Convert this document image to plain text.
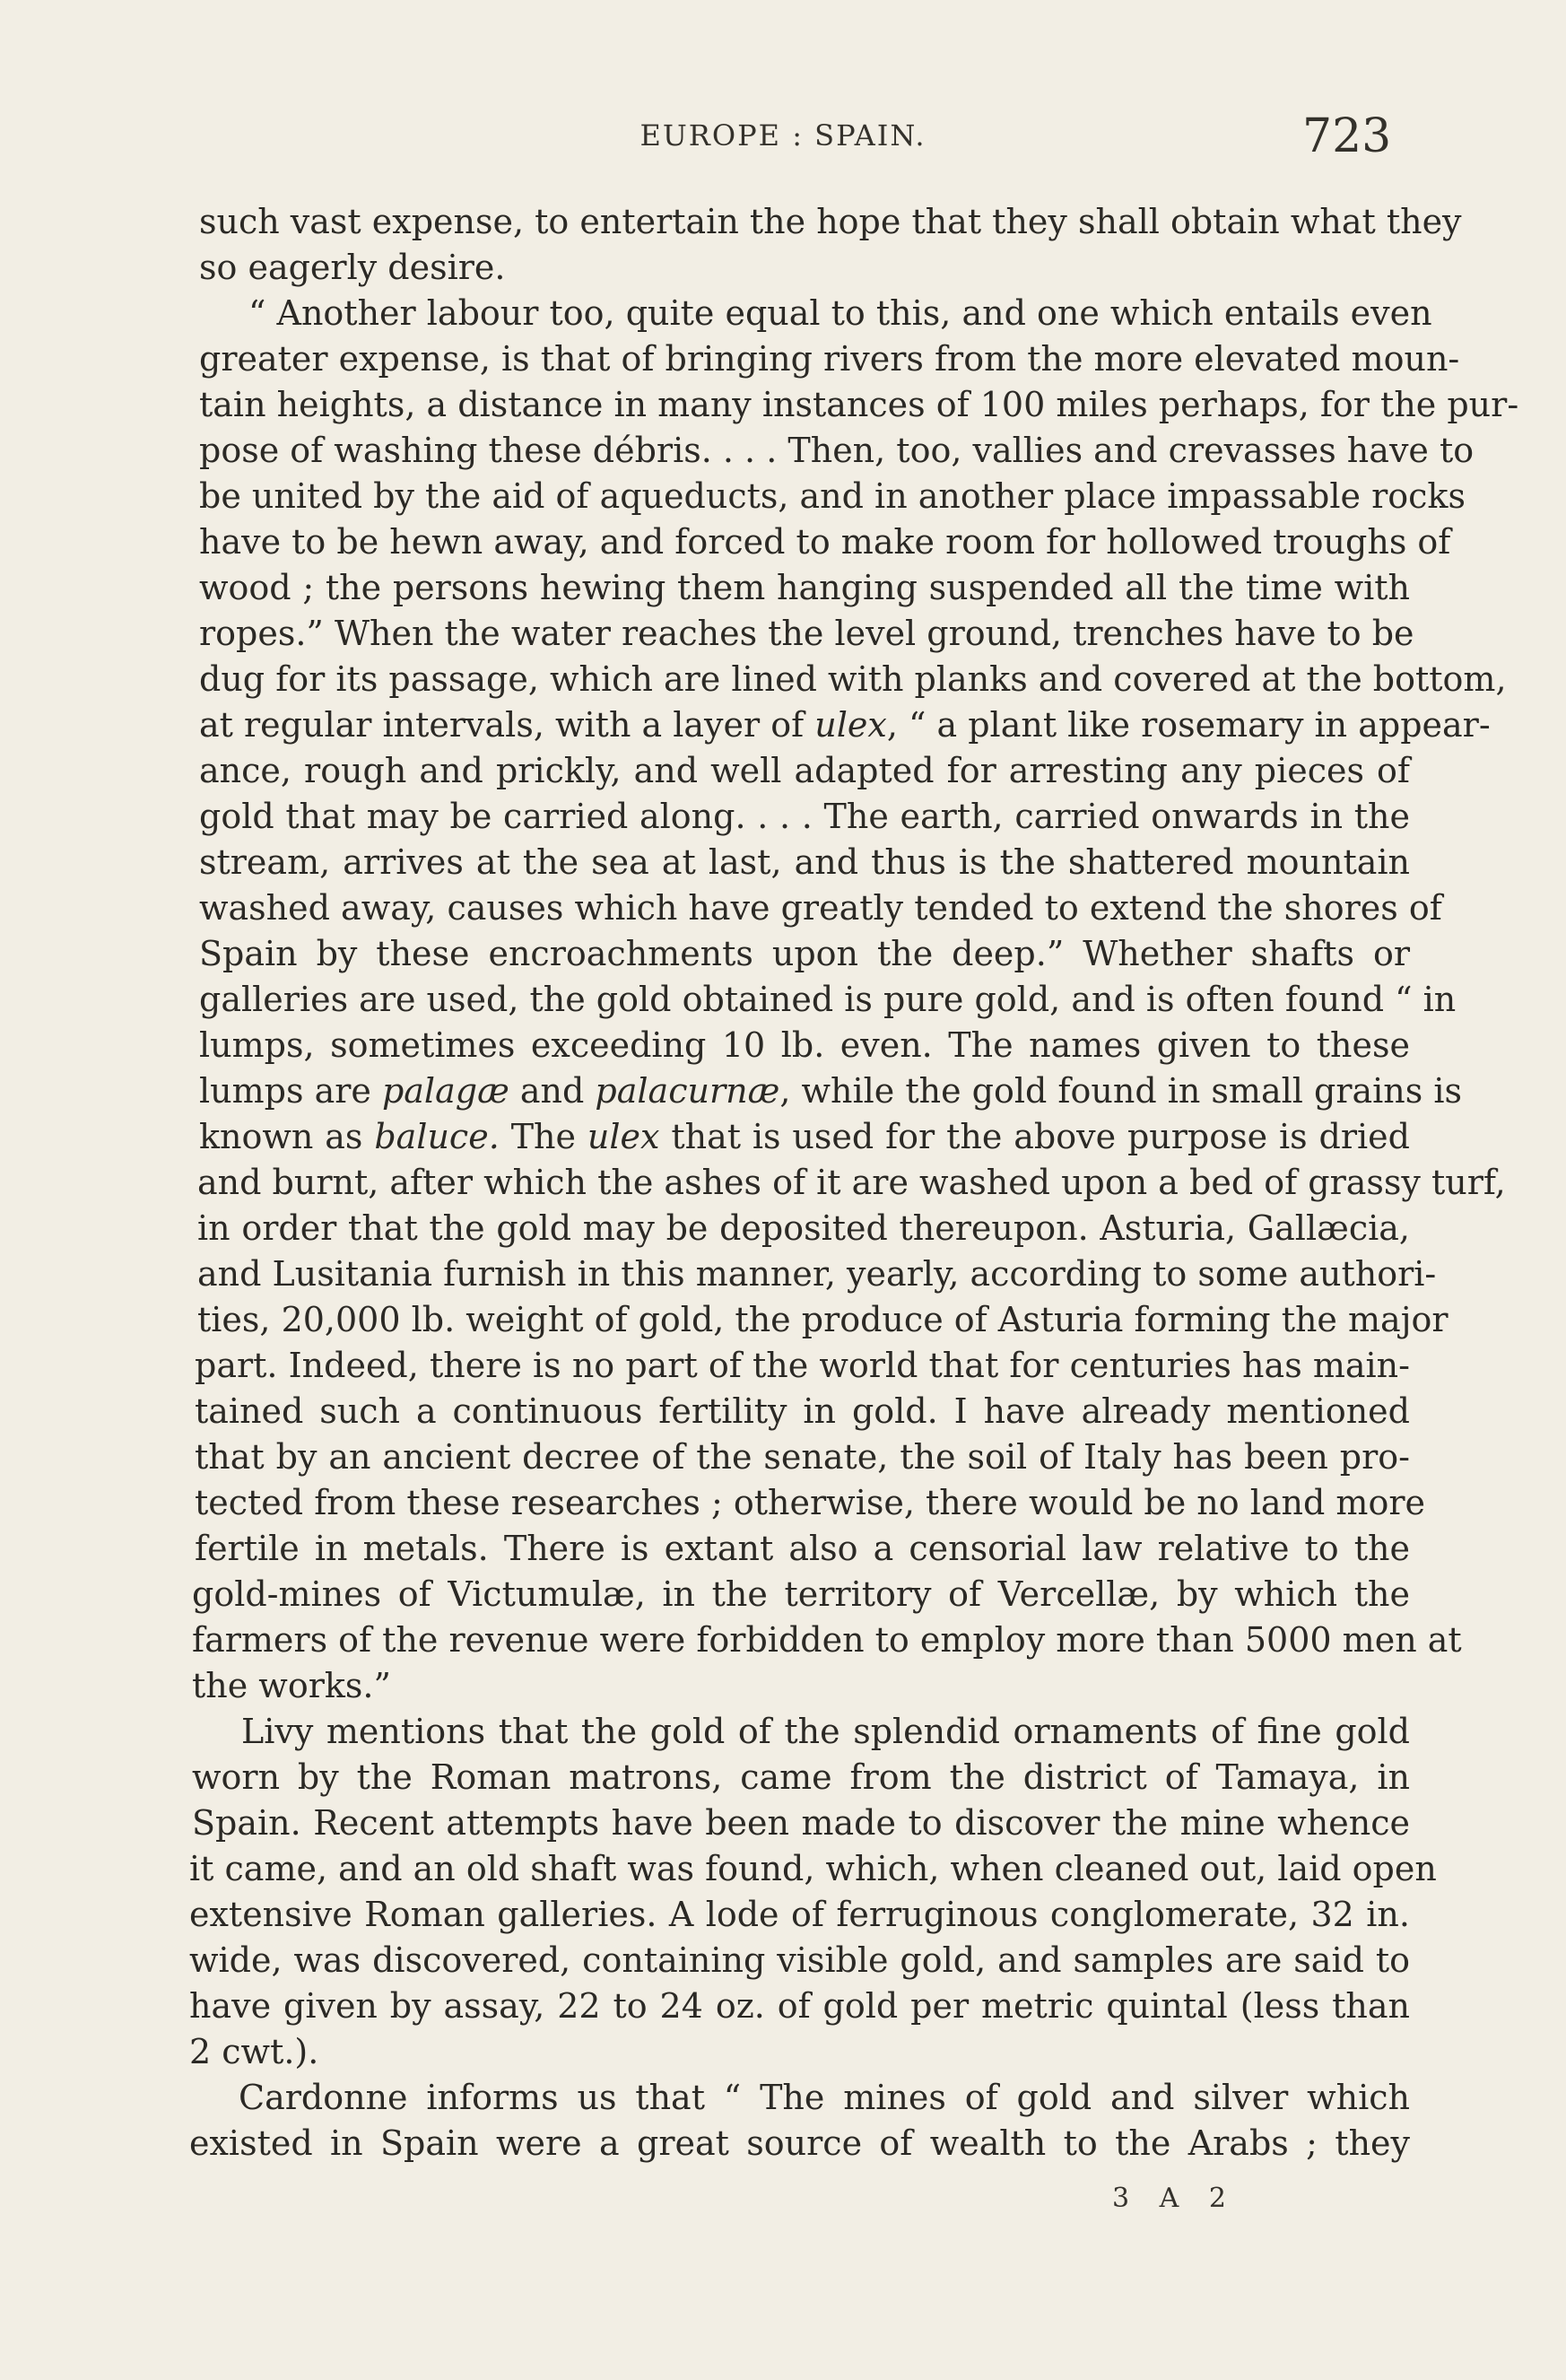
EUROPE : SPAIN.	723
such vast expense, to entertain the hope that they shall obtain what they
so eagerly desire.
“ Another labour too, quite equal to this, and one which entails even
greater expense, is that of bringing rivers from the more elevated moun-
tain heights, a distance in many instances of 100 miles perhaps, for the pur-
pose of washing these débris. . . . Then, too, vallies and crevasses have to
be united by the aid of aqueducts, and in another place impassable rocks
have to be hewn away, and forced to make room for hollowed troughs of
wood ; the persons hewing them hanging suspended all the time with
ropes.” When the water reaches the level ground, trenches have to be
dug for its passage, which are lined with planks and covered at the bottom,
at regular intervals, with a layer of ulex, “ a plant like rosemary in appear-
ance, rough and prickly, and well adapted for arresting any pieces of
gold that may be carried along. . . . The earth, carried onwards in the
stream, arrives at the sea at last, and thus is the shattered mountain
washed away, causes which have greatly tended to extend the shores of
Spain by these encroachments upon the deep.” Whether shafts or
galleries are used, the gold obtained is pure gold, and is often found “ in
lumps, sometimes exceeding 10 lb. even. The names given to these
lumps are palagæ and palacurnæ, while the gold found in small grains is
known as baluce. The ulex that is used for the above purpose is dried
and burnt, after which the ashes of it are washed upon a bed of grassy turf,
in order that the gold may be deposited thereupon. Asturia, Gallæcia,
and Lusitania furnish in this manner, yearly, according to some authori-
ties, 20,000 lb. weight of gold, the produce of Asturia forming the major
part. Indeed, there is no part of the world that for centuries has main-
tained such a continuous fertility in gold. I have already mentioned
that by an ancient decree of the senate, the soil of Italy has been pro-
tected from these researches ; otherwise, there would be no land more
fertile in metals. There is extant also a censorial law relative to the
gold-mines of Victumulæ, in the territory of Vercellæ, by which the
farmers of the revenue were forbidden to employ more than 5000 men at
the works.”
Livy mentions that the gold of the splendid ornaments of fine gold
worn by the Roman matrons, came from the district of Tamaya, in
Spain. Recent attempts have been made to discover the mine whence
it came, and an old shaft was found, which, when cleaned out, laid open
extensive Roman galleries. A lode of ferruginous conglomerate, 32 in.
wide, was discovered, containing visible gold, and samples are said to
have given by assay, 22 to 24 oz. of gold per metric quintal (less than
2 cwt.).
Cardonne informs us that “ The mines of gold and silver which
existed in Spain were a great source of wealth to the Arabs ; they
3 A 2
